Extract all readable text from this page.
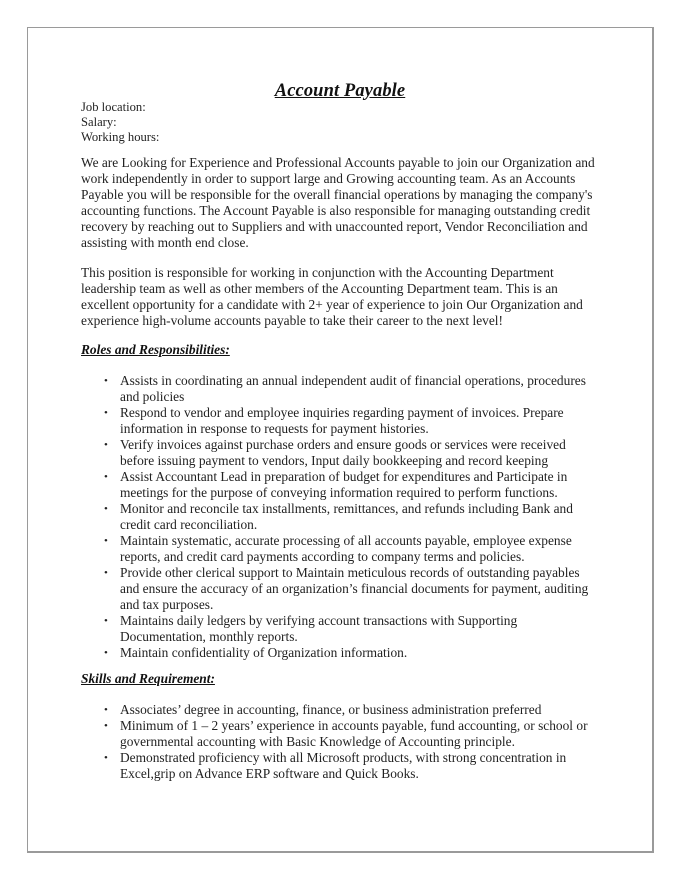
Account Payable
Job location:
Salary:
Working hours:

We are Looking for Experience and Professional Accounts payable to join our Organization and work independently in order to support large and Growing accounting team. As an Accounts Payable you will be responsible for the overall financial operations by managing the company's accounting functions. The Account Payable is also responsible for managing outstanding credit recovery by reaching out to Suppliers and with unaccounted report, Vendor Reconciliation and assisting with month end close.

This position is responsible for working in conjunction with the Accounting Department leadership team as well as other members of the Accounting Department team. This is an excellent opportunity for a candidate with 2+ year of experience to join Our Organization and experience high-volume accounts payable to take their career to the next level!

Roles and Responsibilities:
• Assists in coordinating an annual independent audit of financial operations, procedures and policies
• Respond to vendor and employee inquiries regarding payment of invoices. Prepare information in response to requests for payment histories.
• Verify invoices against purchase orders and ensure goods or services were received before issuing payment to vendors, Input daily bookkeeping and record keeping
• Assist Accountant Lead in preparation of budget for expenditures and Participate in meetings for the purpose of conveying information required to perform functions.
• Monitor and reconcile tax installments, remittances, and refunds including Bank and credit card reconciliation.
• Maintain systematic, accurate processing of all accounts payable, employee expense reports, and credit card payments according to company terms and policies.
• Provide other clerical support to Maintain meticulous records of outstanding payables and ensure the accuracy of an organization’s financial documents for payment, auditing and tax purposes.
• Maintains daily ledgers by verifying account transactions with Supporting Documentation, monthly reports.
• Maintain confidentiality of Organization information.
Skills and Requirement:
• Associates’ degree in accounting, finance, or business administration preferred
• Minimum of 1 – 2 years’ experience in accounts payable, fund accounting, or school or governmental accounting with Basic Knowledge of Accounting principle.
• Demonstrated proficiency with all Microsoft products, with strong concentration in Excel,grip on Advance ERP software and Quick Books.
